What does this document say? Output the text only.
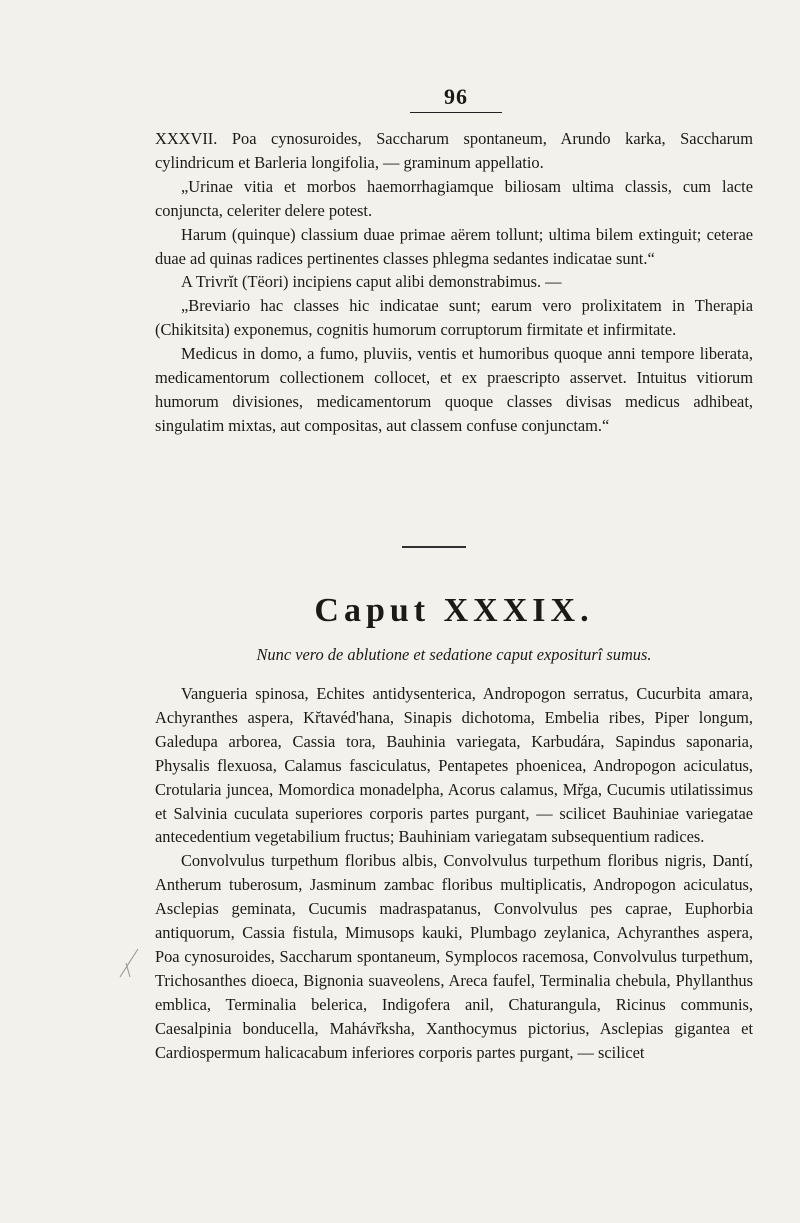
96

XXXVII. Poa cynosuroides, Saccharum spontaneum, Arundo karka, Saccharum cylindricum et Barleria longifolia, — graminum appellatio.

„Urinae vitia et morbos haemorrhagiamque biliosam ultima classis, cum lacte conjuncta, celeriter delere potest.

Harum (quinque) classium duae primae aërem tollunt; ultima bilem extinguit; ceterae duae ad quinas radices pertinentes classes phlegma sedantes indicatae sunt.“

A Trivrĭt (Tëori) incipiens caput alibi demonstrabimus. —

„Breviario hac classes hic indicatae sunt; earum vero prolixitatem in Therapia (Chikitsita) exponemus, cognitis humorum corruptorum firmitate et infirmitate.

Medicus in domo, a fumo, pluviis, ventis et humoribus quoque anni tempore liberata, medicamentorum collectionem collocet, et ex praescripto asservet. Intuitus vitiorum humorum divisiones, medicamentorum quoque classes divisas medicus adhibeat, singulatim mixtas, aut compositas, aut classem confuse conjunctam.“

Caput XXXIX.
Nunc vero de ablutione et sedatione caput expositurî sumus.

Vangueria spinosa, Echites antidysenterica, Andropogon serratus, Cucurbita amara, Achyranthes aspera, Kr̆tavéd'hana, Sinapis dichotoma, Embelia ribes, Piper longum, Galedupa arborea, Cassia tora, Bauhinia variegata, Karbudára, Sapindus saponaria, Physalis flexuosa, Calamus fasciculatus, Pentapetes phoenicea, Andropogon aciculatus, Crotularia juncea, Momordica monadelpha, Acorus calamus, Mr̆ga, Cucumis utilatissimus et Salvinia cuculata superiores corporis partes purgant, — scilicet Bauhiniae variegatae antecedentium vegetabilium fructus; Bauhiniam variegatam subsequentium radices.

Convolvulus turpethum floribus albis, Convolvulus turpethum floribus nigris, Dantí, Antherum tuberosum, Jasminum zambac floribus multiplicatis, Andropogon aciculatus, Asclepias geminata, Cucumis madraspatanus, Convolvulus pes caprae, Euphorbia antiquorum, Cassia fistula, Mimusops kauki, Plumbago zeylanica, Achyranthes aspera, Poa cynosuroides, Saccharum spontaneum, Symplocos racemosa, Convolvulus turpethum, Trichosanthes dioeca, Bignonia suaveolens, Areca faufel, Terminalia chebula, Phyllanthus emblica, Terminalia belerica, Indigofera anil, Chaturangula, Ricinus communis, Caesalpinia bonducella, Mahávr̆ksha, Xanthocymus pictorius, Asclepias gigantea et Cardiospermum halicacabum inferiores corporis partes purgant, — scilicet
